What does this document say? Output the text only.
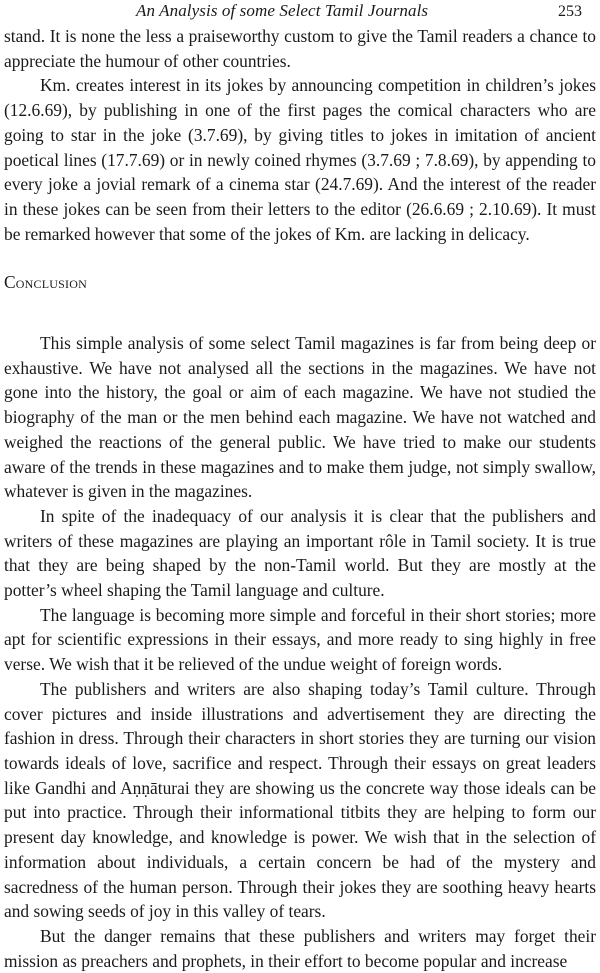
An Analysis of some Select Tamil Journals	253

stand. It is none the less a praiseworthy custom to give the Tamil readers a chance to appreciate the humour of other countries.

Km. creates interest in its jokes by announcing competition in children’s jokes (12.6.69), by publishing in one of the first pages the comical characters who are going to star in the joke (3.7.69), by giving titles to jokes in imitation of ancient poetical lines (17.7.69) or in newly coined rhymes (3.7.69 ; 7.8.69), by appending to every joke a jovial remark of a cinema star (24.7.69). And the interest of the reader in these jokes can be seen from their letters to the editor (26.6.69 ; 2.10.69). It must be remarked however that some of the jokes of Km. are lacking in delicacy.

Conclusion

This simple analysis of some select Tamil magazines is far from being deep or exhaustive. We have not analysed all the sections in the magazines. We have not gone into the history, the goal or aim of each magazine. We have not studied the biography of the man or the men behind each magazine. We have not watched and weighed the reactions of the general public. We have tried to make our students aware of the trends in these magazines and to make them judge, not simply swallow, whatever is given in the magazines.

In spite of the inadequacy of our analysis it is clear that the publishers and writers of these magazines are playing an important rôle in Tamil society. It is true that they are being shaped by the non-Tamil world. But they are mostly at the potter’s wheel shaping the Tamil language and culture.

The language is becoming more simple and forceful in their short stories; more apt for scientific expressions in their essays, and more ready to sing highly in free verse. We wish that it be relieved of the undue weight of foreign words.

The publishers and writers are also shaping today’s Tamil culture. Through cover pictures and inside illustrations and advertisement they are directing the fashion in dress. Through their characters in short stories they are turning our vision towards ideals of love, sacrifice and respect. Through their essays on great leaders like Gandhi and Aṇṇāturai they are showing us the concrete way those ideals can be put into practice. Through their informational titbits they are helping to form our present day knowledge, and knowledge is power. We wish that in the selection of information about individuals, a certain concern be had of the mystery and sacredness of the human person. Through their jokes they are soothing heavy hearts and sowing seeds of joy in this valley of tears.

But the danger remains that these publishers and writers may forget their mission as preachers and prophets, in their effort to become popular and increase
